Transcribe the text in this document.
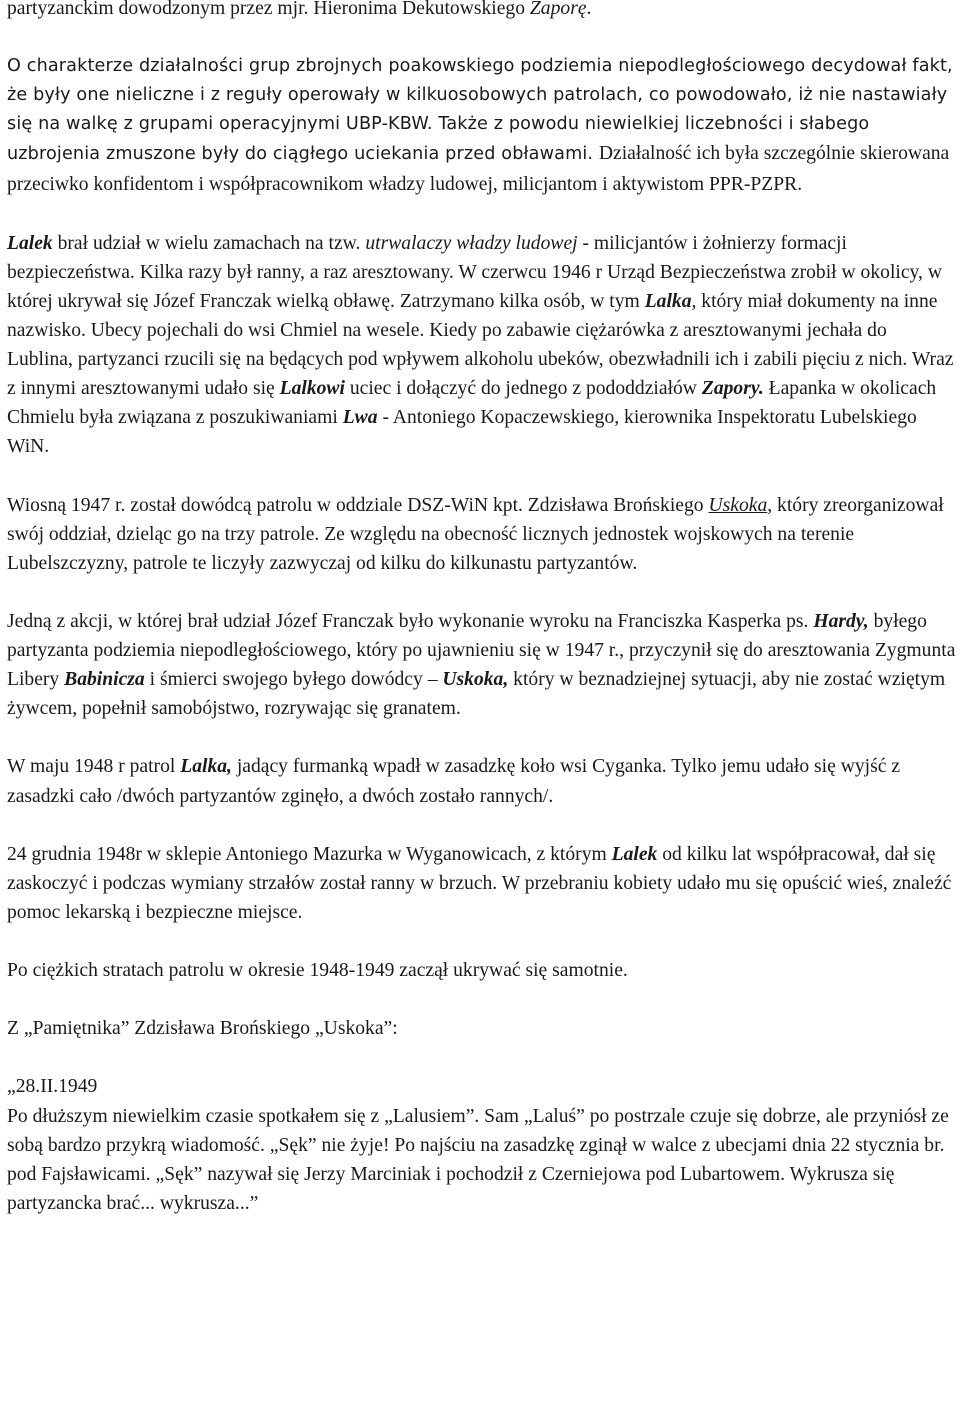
partyzanckim dowodzonym przez mjr. Hieronima Dekutowskiego Zaporę.

O charakterze działalności grup zbrojnych poakowskiego podziemia niepodległościowego decydował fakt, że były one nieliczne i z reguły operowały w kilkuosobowych patrolach, co powodowało, iż nie nastawiały się na walkę z grupami operacyjnymi UBP-KBW. Także z powodu niewielkiej liczebności i słabego uzbrojenia zmuszone były do ciągłego uciekania przed obławami. Działalność ich była szczególnie skierowana przeciwko konfidentom i współpracownikom władzy ludowej, milicjantom i aktywistom PPR-PZPR.

Lalek brał udział w wielu zamachach na tzw. utrwalaczy władzy ludowej - milicjantów i żołnierzy formacji bezpieczeństwa. Kilka razy był ranny, a raz aresztowany. W czerwcu 1946 r Urząd Bezpieczeństwa zrobił w okolicy, w której ukrywał się Józef Franczak wielką obławę. Zatrzymano kilka osób, w tym Lalka, który miał dokumenty na inne nazwisko. Ubecy pojechali do wsi Chmiel na wesele. Kiedy po zabawie ciężarówka z aresztowanymi jechała do Lublina, partyzanci rzucili się na będących pod wpływem alkoholu ubeków, obezwładnili ich i zabili pięciu z nich. Wraz z innymi aresztowanymi udało się Lalkowi uciec i dołączyć do jednego z pododdziałów Zapory. Łapanka w okolicach Chmielu była związana z poszukiwaniami Lwa - Antoniego Kopaczewskiego, kierownika Inspektoratu Lubelskiego WiN.

Wiosną 1947 r. został dowódcą patrolu w oddziale DSZ-WiN kpt. Zdzisława Brońskiego Uskoka, który zreorganizował swój oddział, dzieląc go na trzy patrole. Ze względu na obecność licznych jednostek wojskowych na terenie Lubelszczyzny, patrole te liczyły zazwyczaj od kilku do kilkunastu partyzantów.

Jedną z akcji, w której brał udział Józef Franczak było wykonanie wyroku na Franciszka Kasperka ps. Hardy, byłego partyzanta podziemia niepodległościowego, który po ujawnieniu się w 1947 r., przyczynił się do aresztowania Zygmunta Libery Babinicza i śmierci swojego byłego dowódcy – Uskoka, który w beznadziejnej sytuacji, aby nie zostać wziętym żywcem, popełnił samobójstwo, rozrywając się granatem.

W maju 1948 r patrol Lalka, jadący furmanką wpadł w zasadzkę koło wsi Cyganka. Tylko jemu udało się wyjść z zasadzki cało /dwóch partyzantów zginęło, a dwóch zostało rannych/.

24 grudnia 1948r w sklepie Antoniego Mazurka w Wyganowicach, z którym Lalek od kilku lat współpracował, dał się zaskoczyć i podczas wymiany strzałów został ranny w brzuch. W przebraniu kobiety udało mu się opuścić wieś, znaleźć pomoc lekarską i bezpieczne miejsce.

Po ciężkich stratach patrolu w okresie 1948-1949 zaczął ukrywać się samotnie.

Z „Pamiętnika” Zdzisława Brońskiego „Uskoka”:

„28.II.1949
Po dłuższym niewielkim czasie spotkałem się z „Lalusiem”. Sam „Laluś” po postrzale czuje się dobrze, ale przyniósł ze sobą bardzo przykrą wiadomość. „Sęk” nie żyje! Po najściu na zasadzkę zginął w walce z ubecjami dnia 22 stycznia br. pod Fajsławicami. „Sęk” nazywał się Jerzy Marciniak i pochodził z Czerniejowa pod Lubartowem. Wykrusza się partyzancka brać... wykrusza...”
